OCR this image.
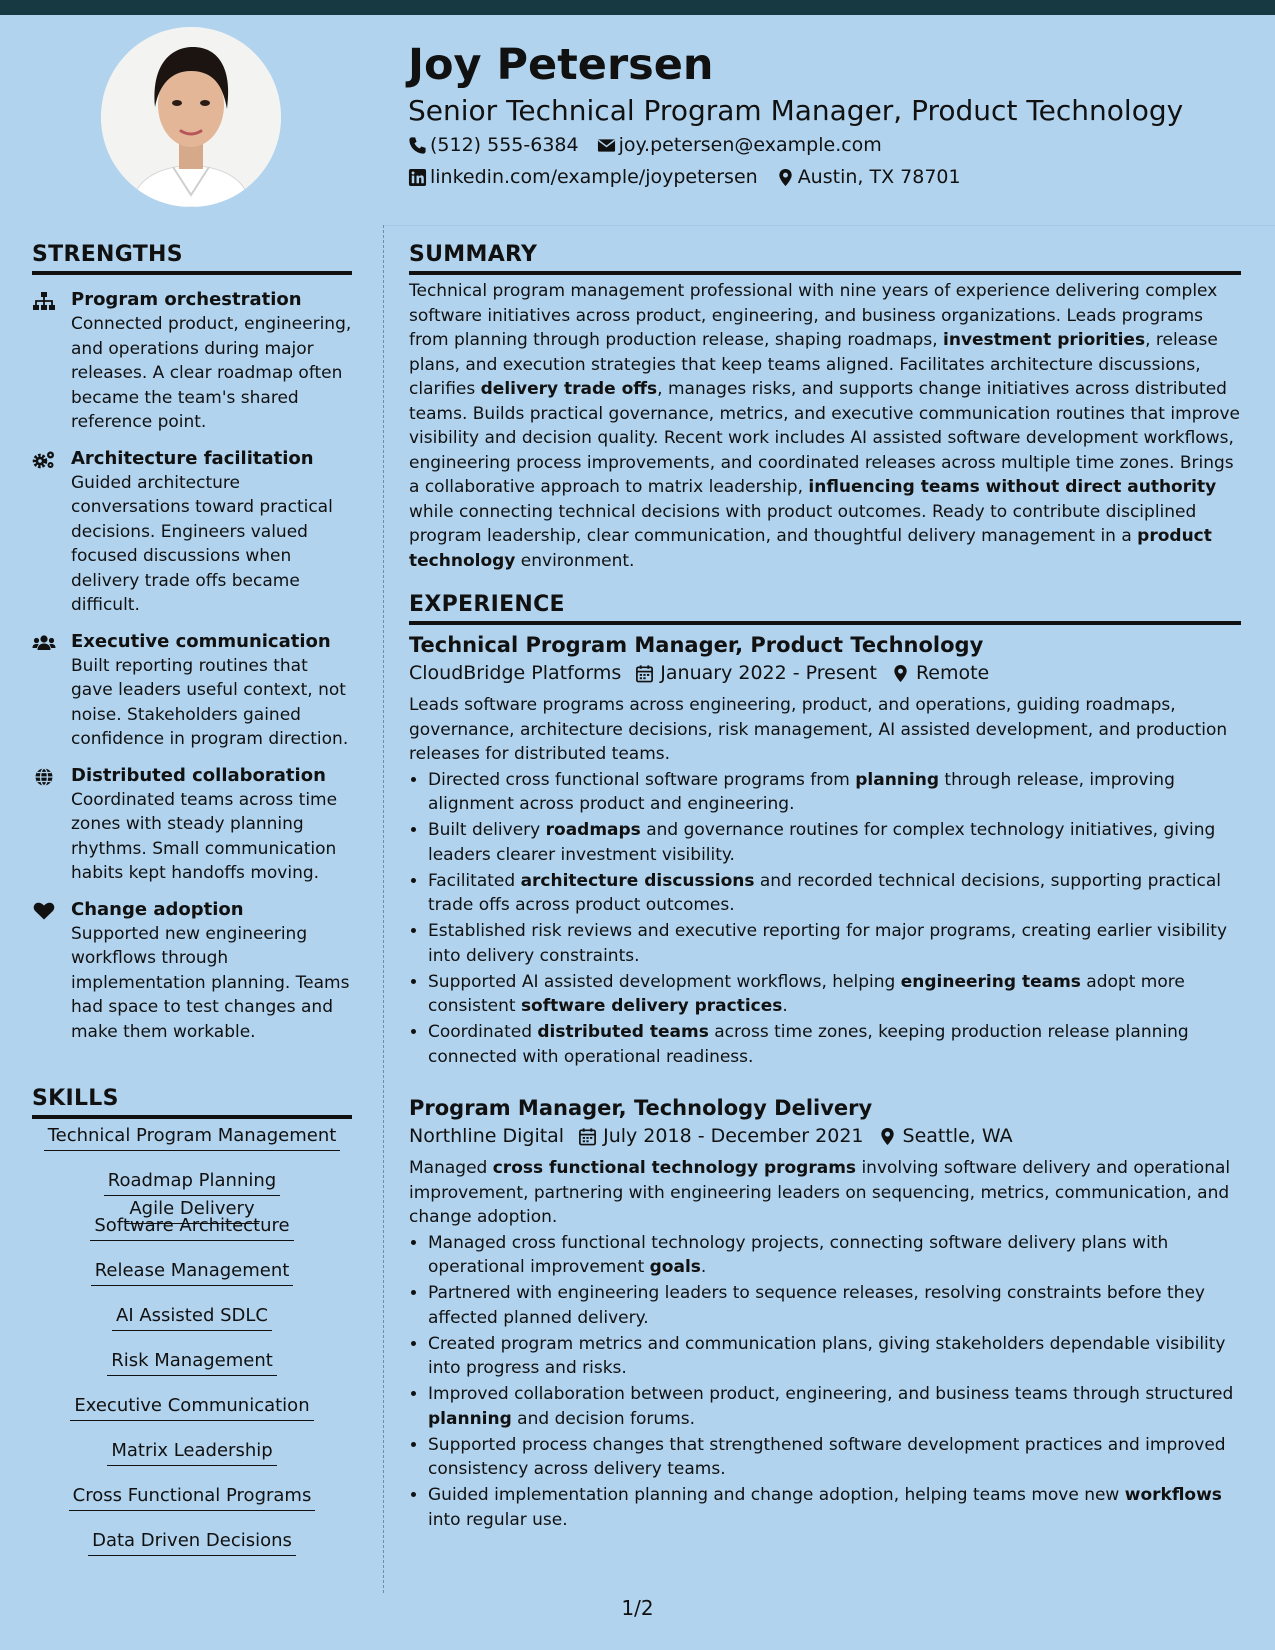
Joy Petersen
Senior Technical Program Manager, Product Technology
(512) 555-6384 joy.petersen@example.com
linkedin.com/example/joypetersen Austin, TX 78701
STRENGTHS

Program orchestration

Connected product, engineering, and operations during major releases. A clear roadmap often became the team's shared reference point.

Architecture facilitation

Guided architecture conversations toward practical decisions. Engineers valued focused discussions when delivery trade offs became difficult.

Executive communication

Built reporting routines that gave leaders useful context, not noise. Stakeholders gained confidence in program direction.

Distributed collaboration

Coordinated teams across time zones with steady planning rhythms. Small communication habits kept handoffs moving.

Change adoption

Supported new engineering workflows through implementation planning. Teams had space to test changes and make them workable.

SKILLS
Technical Program Management
Roadmap PlanningAgile Delivery
Software Architecture
Release Management
AI Assisted SDLC
Risk Management
Executive Communication
Matrix Leadership
Cross Functional Programs
Data Driven Decisions
SUMMARY

Technical program management professional with nine years of experience delivering complex software initiatives across product, engineering, and business organizations. Leads programs from planning through production release, shaping roadmaps, investment priorities, release plans, and execution strategies that keep teams aligned. Facilitates architecture discussions, clarifies delivery trade offs, manages risks, and supports change initiatives across distributed teams. Builds practical governance, metrics, and executive communication routines that improve visibility and decision quality. Recent work includes AI assisted software development workflows, engineering process improvements, and coordinated releases across multiple time zones. Brings a collaborative approach to matrix leadership, influencing teams without direct authority while connecting technical decisions with product outcomes. Ready to contribute disciplined program leadership, clear communication, and thoughtful delivery management in a product technology environment.

EXPERIENCE

Technical Program Manager, Product Technology

CloudBridge Platforms January 2022 - Present Remote

Leads software programs across engineering, product, and operations, guiding roadmaps, governance, architecture decisions, risk management, AI assisted development, and production releases for distributed teams.

• Directed cross functional software programs from planning through release, improving alignment across product and engineering.
• Built delivery roadmaps and governance routines for complex technology initiatives, giving leaders clearer investment visibility.
• Facilitated architecture discussions and recorded technical decisions, supporting practical trade offs across product outcomes.
• Established risk reviews and executive reporting for major programs, creating earlier visibility into delivery constraints.
• Supported AI assisted development workflows, helping engineering teams adopt more consistent software delivery practices.
• Coordinated distributed teams across time zones, keeping production release planning connected with operational readiness.

Program Manager, Technology Delivery

Northline Digital July 2018 - December 2021 Seattle, WA

Managed cross functional technology programs involving software delivery and operational improvement, partnering with engineering leaders on sequencing, metrics, communication, and change adoption.

• Managed cross functional technology projects, connecting software delivery plans with operational improvement goals.
• Partnered with engineering leaders to sequence releases, resolving constraints before they affected planned delivery.
• Created program metrics and communication plans, giving stakeholders dependable visibility into progress and risks.
• Improved collaboration between product, engineering, and business teams through structured planning and decision forums.
• Supported process changes that strengthened software development practices and improved consistency across delivery teams.
• Guided implementation planning and change adoption, helping teams move new workflows into regular use.
1/2
